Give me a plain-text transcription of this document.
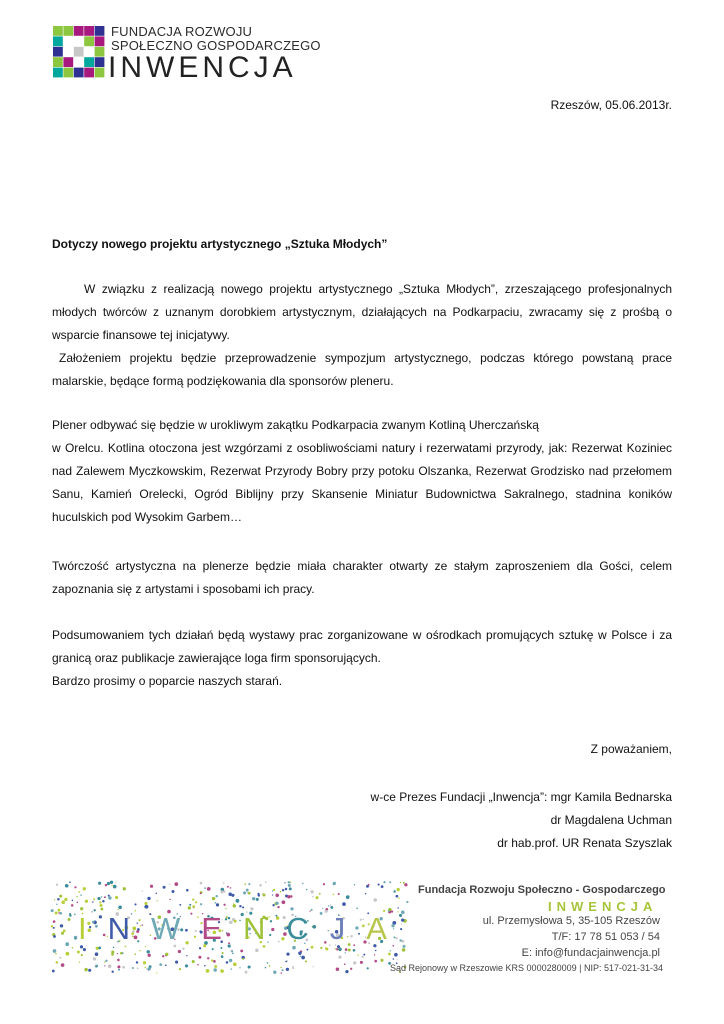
FUNDACJA ROZWOJU
SPOŁECZNO GOSPODARCZEGO
INWENCJA
Rzeszów, 05.06.2013r.
Dotyczy nowego projektu artystycznego „Sztuka Młodych”

W związku z realizacją nowego projektu artystycznego „Sztuka Młodych”, zrzeszającego profesjonalnych młodych twórców z uznanym dorobkiem artystycznym, działających na Podkarpaciu, zwracamy się z prośbą o wsparcie finansowe tej inicjatywy.

Założeniem projektu będzie przeprowadzenie sympozjum artystycznego, podczas którego powstaną prace malarskie, będące formą podziękowania dla sponsorów pleneru.

Plener odbywać się będzie w urokliwym zakątku Podkarpacia zwanym Kotliną Uherczańską

w Orelcu. Kotlina otoczona jest wzgórzami z osobliwościami natury i rezerwatami przyrody, jak: Rezerwat Koziniec nad Zalewem Myczkowskim, Rezerwat Przyrody Bobry przy potoku Olszanka, Rezerwat Grodzisko nad przełomem Sanu, Kamień Orelecki, Ogród Biblijny przy Skansenie Miniatur Budownictwa Sakralnego, stadnina koników huculskich pod Wysokim Garbem…

Twórczość artystyczna na plenerze będzie miała charakter otwarty ze stałym zaproszeniem dla Gości, celem zapoznania się z artystami i sposobami ich pracy.

Podsumowaniem tych działań będą wystawy prac zorganizowane w ośrodkach promujących sztukę w Polsce i za granicą oraz publikacje zawierające loga firm sponsorujących.

Bardzo prosimy o poparcie naszych starań.

Z poważaniem,
w-ce Prezes Fundacji „Inwencja”: mgr Kamila Bednarska
dr Magdalena Uchman
dr hab.prof. UR Renata Szyszlak
INWENCJA
Fundacja Rozwoju Społeczno - Gospodarczego
INWENCJA
ul. Przemysłowa 5, 35-105 Rzeszów
T/F: 17 78 51 053 / 54
E: info@fundacjainwencja.pl
Sąd Rejonowy w Rzeszowie KRS 0000280009 | NIP: 517-021-31-34
